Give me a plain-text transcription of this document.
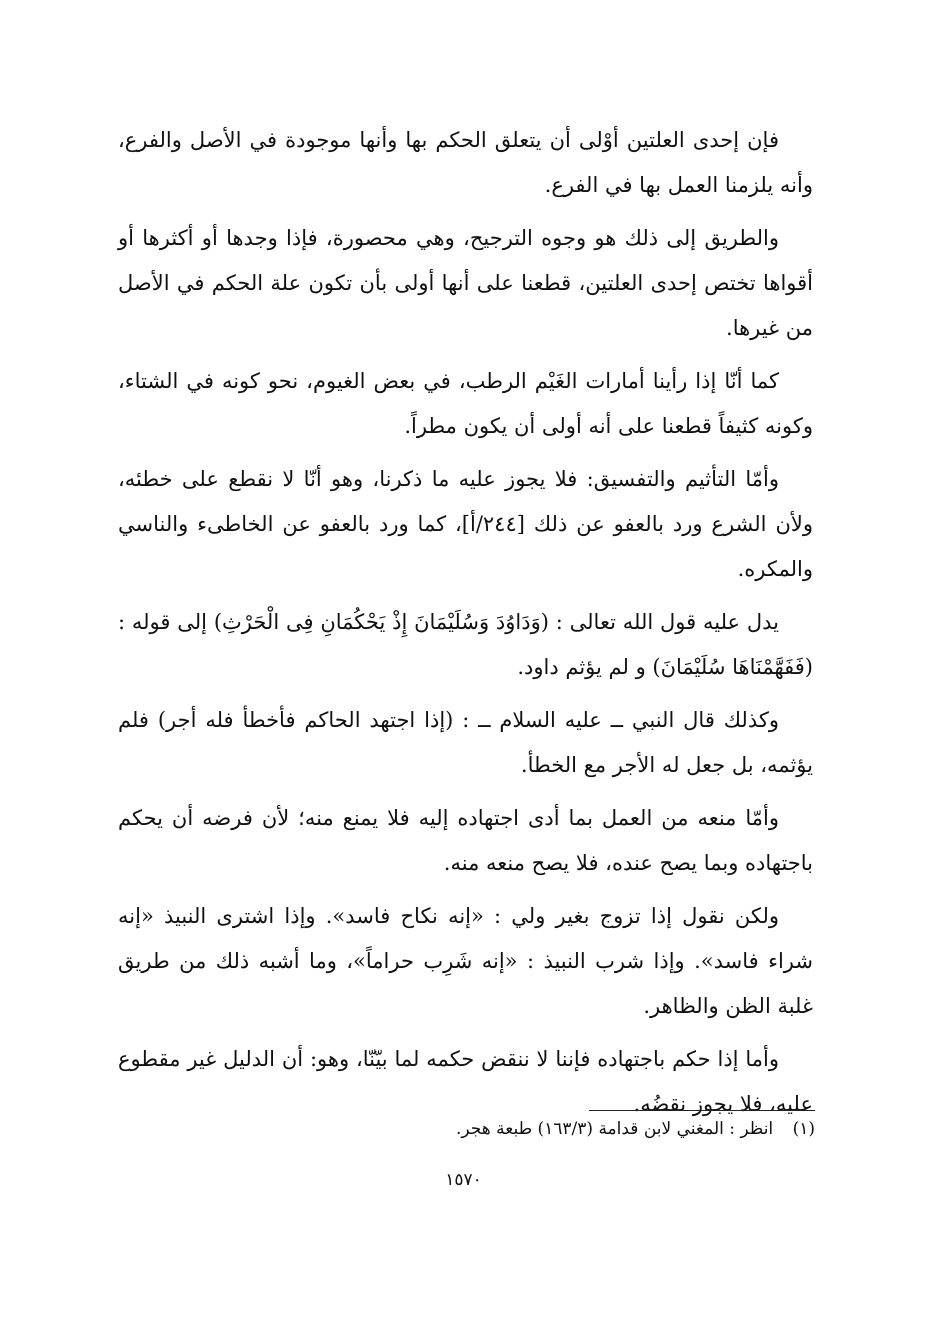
فإن إحدى العلتين أوْلى أن يتعلق الحكم بها وأنها موجودة في الأصل والفرع، وأنه يلزمنا العمل بها في الفرع.

والطريق إلى ذلك هو وجوه الترجيح، وهي محصورة، فإذا وجدها أو أكثرها أو أقواها تختص إحدى العلتين، قطعنا على أنها أولى بأن تكون علة الحكم في الأصل من غيرها.

كما أنّا إذا رأينا أمارات الغَيْم الرطب، في بعض الغيوم، نحو كونه في الشتاء، وكونه كثيفاً قطعنا على أنه أولى أن يكون مطراً.

وأمّا التأثيم والتفسيق: فلا يجوز عليه ما ذكرنا، وهو أنّا لا نقطع على خطئه، ولأن الشرع ورد بالعفو عن ذلك [٢٤٤/أ]، كما ورد بالعفو عن الخاطىء والناسي والمكره.

يدل عليه قول الله تعالى : (وَدَاوُدَ وَسُلَيْمَانَ إِذْ يَحْكُمَانِ فِى الْحَرْثِ) إلى قوله : (فَفَهَّمْنَاهَا سُلَيْمَانَ) و لم يؤثم داود.

وكذلك قال النبي ــ عليه السلام ــ : (إذا اجتهد الحاكم فأخطأ فله أجر) فلم يؤثمه، بل جعل له الأجر مع الخطأ.

وأمّا منعه من العمل بما أدى اجتهاده إليه فلا يمنع منه؛ لأن فرضه أن يحكم باجتهاده وبما يصح عنده، فلا يصح منعه منه.

ولكن نقول إذا تزوج بغير ولي : «إنه نكاح فاسد». وإذا اشترى النبيذ «إنه شراء فاسد». وإذا شرب النبيذ : «إنه شَرِب حراماً»، وما أشبه ذلك من طريق غلبة الظن والظاهر.

وأما إذا حكم باجتهاده فإننا لا ننقض حكمه لما بيّنّا، وهو: أن الدليل غير مقطوع عليه، فلا يجوز نقضُه.

(١) انظر : المغني لابن قدامة (١٦٣/٣) طبعة هجر.
١٥٧٠
